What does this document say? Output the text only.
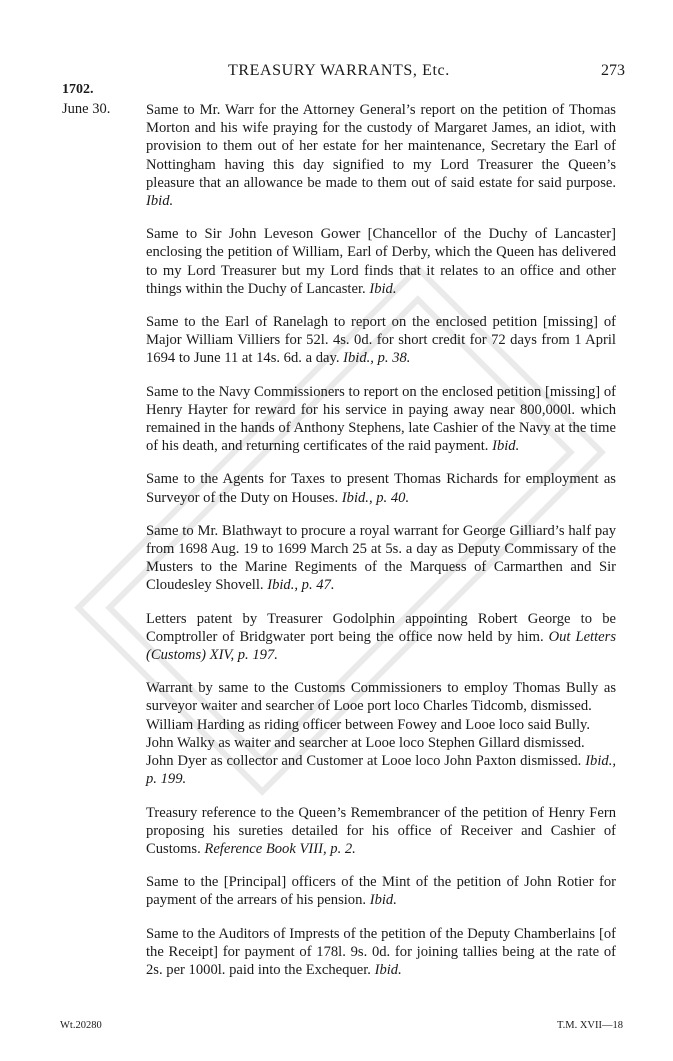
TREASURY WARRANTS, Etc.	273
1702.
June 30. Same to Mr. Warr for the Attorney General’s report on the petition of Thomas Morton and his wife praying for the custody of Margaret James, an idiot, with provision to them out of her estate for her maintenance, Secretary the Earl of Nottingham having this day signified to my Lord Treasurer the Queen’s pleasure that an allowance be made to them out of said estate for said purpose. Ibid.
Same to Sir John Leveson Gower [Chancellor of the Duchy of Lancaster] enclosing the petition of William, Earl of Derby, which the Queen has delivered to my Lord Treasurer but my Lord finds that it relates to an office and other things within the Duchy of Lancaster. Ibid.
Same to the Earl of Ranelagh to report on the enclosed petition [missing] of Major William Villiers for 52l. 4s. 0d. for short credit for 72 days from 1 April 1694 to June 11 at 14s. 6d. a day. Ibid., p. 38.
Same to the Navy Commissioners to report on the enclosed petition [missing] of Henry Hayter for reward for his service in paying away near 800,000l. which remained in the hands of Anthony Stephens, late Cashier of the Navy at the time of his death, and returning certificates of the raid payment. Ibid.
Same to the Agents for Taxes to present Thomas Richards for employment as Surveyor of the Duty on Houses. Ibid., p. 40.
Same to Mr. Blathwayt to procure a royal warrant for George Gilliard’s half pay from 1698 Aug. 19 to 1699 March 25 at 5s. a day as Deputy Commissary of the Musters to the Marine Regiments of the Marquess of Carmarthen and Sir Cloudesley Shovell. Ibid., p. 47.
Letters patent by Treasurer Godolphin appointing Robert George to be Comptroller of Bridgwater port being the office now held by him. Out Letters (Customs) XIV, p. 197.
Warrant by same to the Customs Commissioners to employ Thomas Bully as surveyor waiter and searcher of Looe port loco Charles Tidcomb, dismissed.
William Harding as riding officer between Fowey and Looe loco said Bully.
John Walky as waiter and searcher at Looe loco Stephen Gillard dismissed.
John Dyer as collector and Customer at Looe loco John Paxton dismissed. Ibid., p. 199.
Treasury reference to the Queen’s Remembrancer of the petition of Henry Fern proposing his sureties detailed for his office of Receiver and Cashier of Customs. Reference Book VIII, p. 2.
Same to the [Principal] officers of the Mint of the petition of John Rotier for payment of the arrears of his pension. Ibid.
Same to the Auditors of Imprests of the petition of the Deputy Chamberlains [of the Receipt] for payment of 178l. 9s. 0d. for joining tallies being at the rate of 2s. per 1000l. paid into the Exchequer. Ibid.
Wt.20280	T.M. XVII—18
